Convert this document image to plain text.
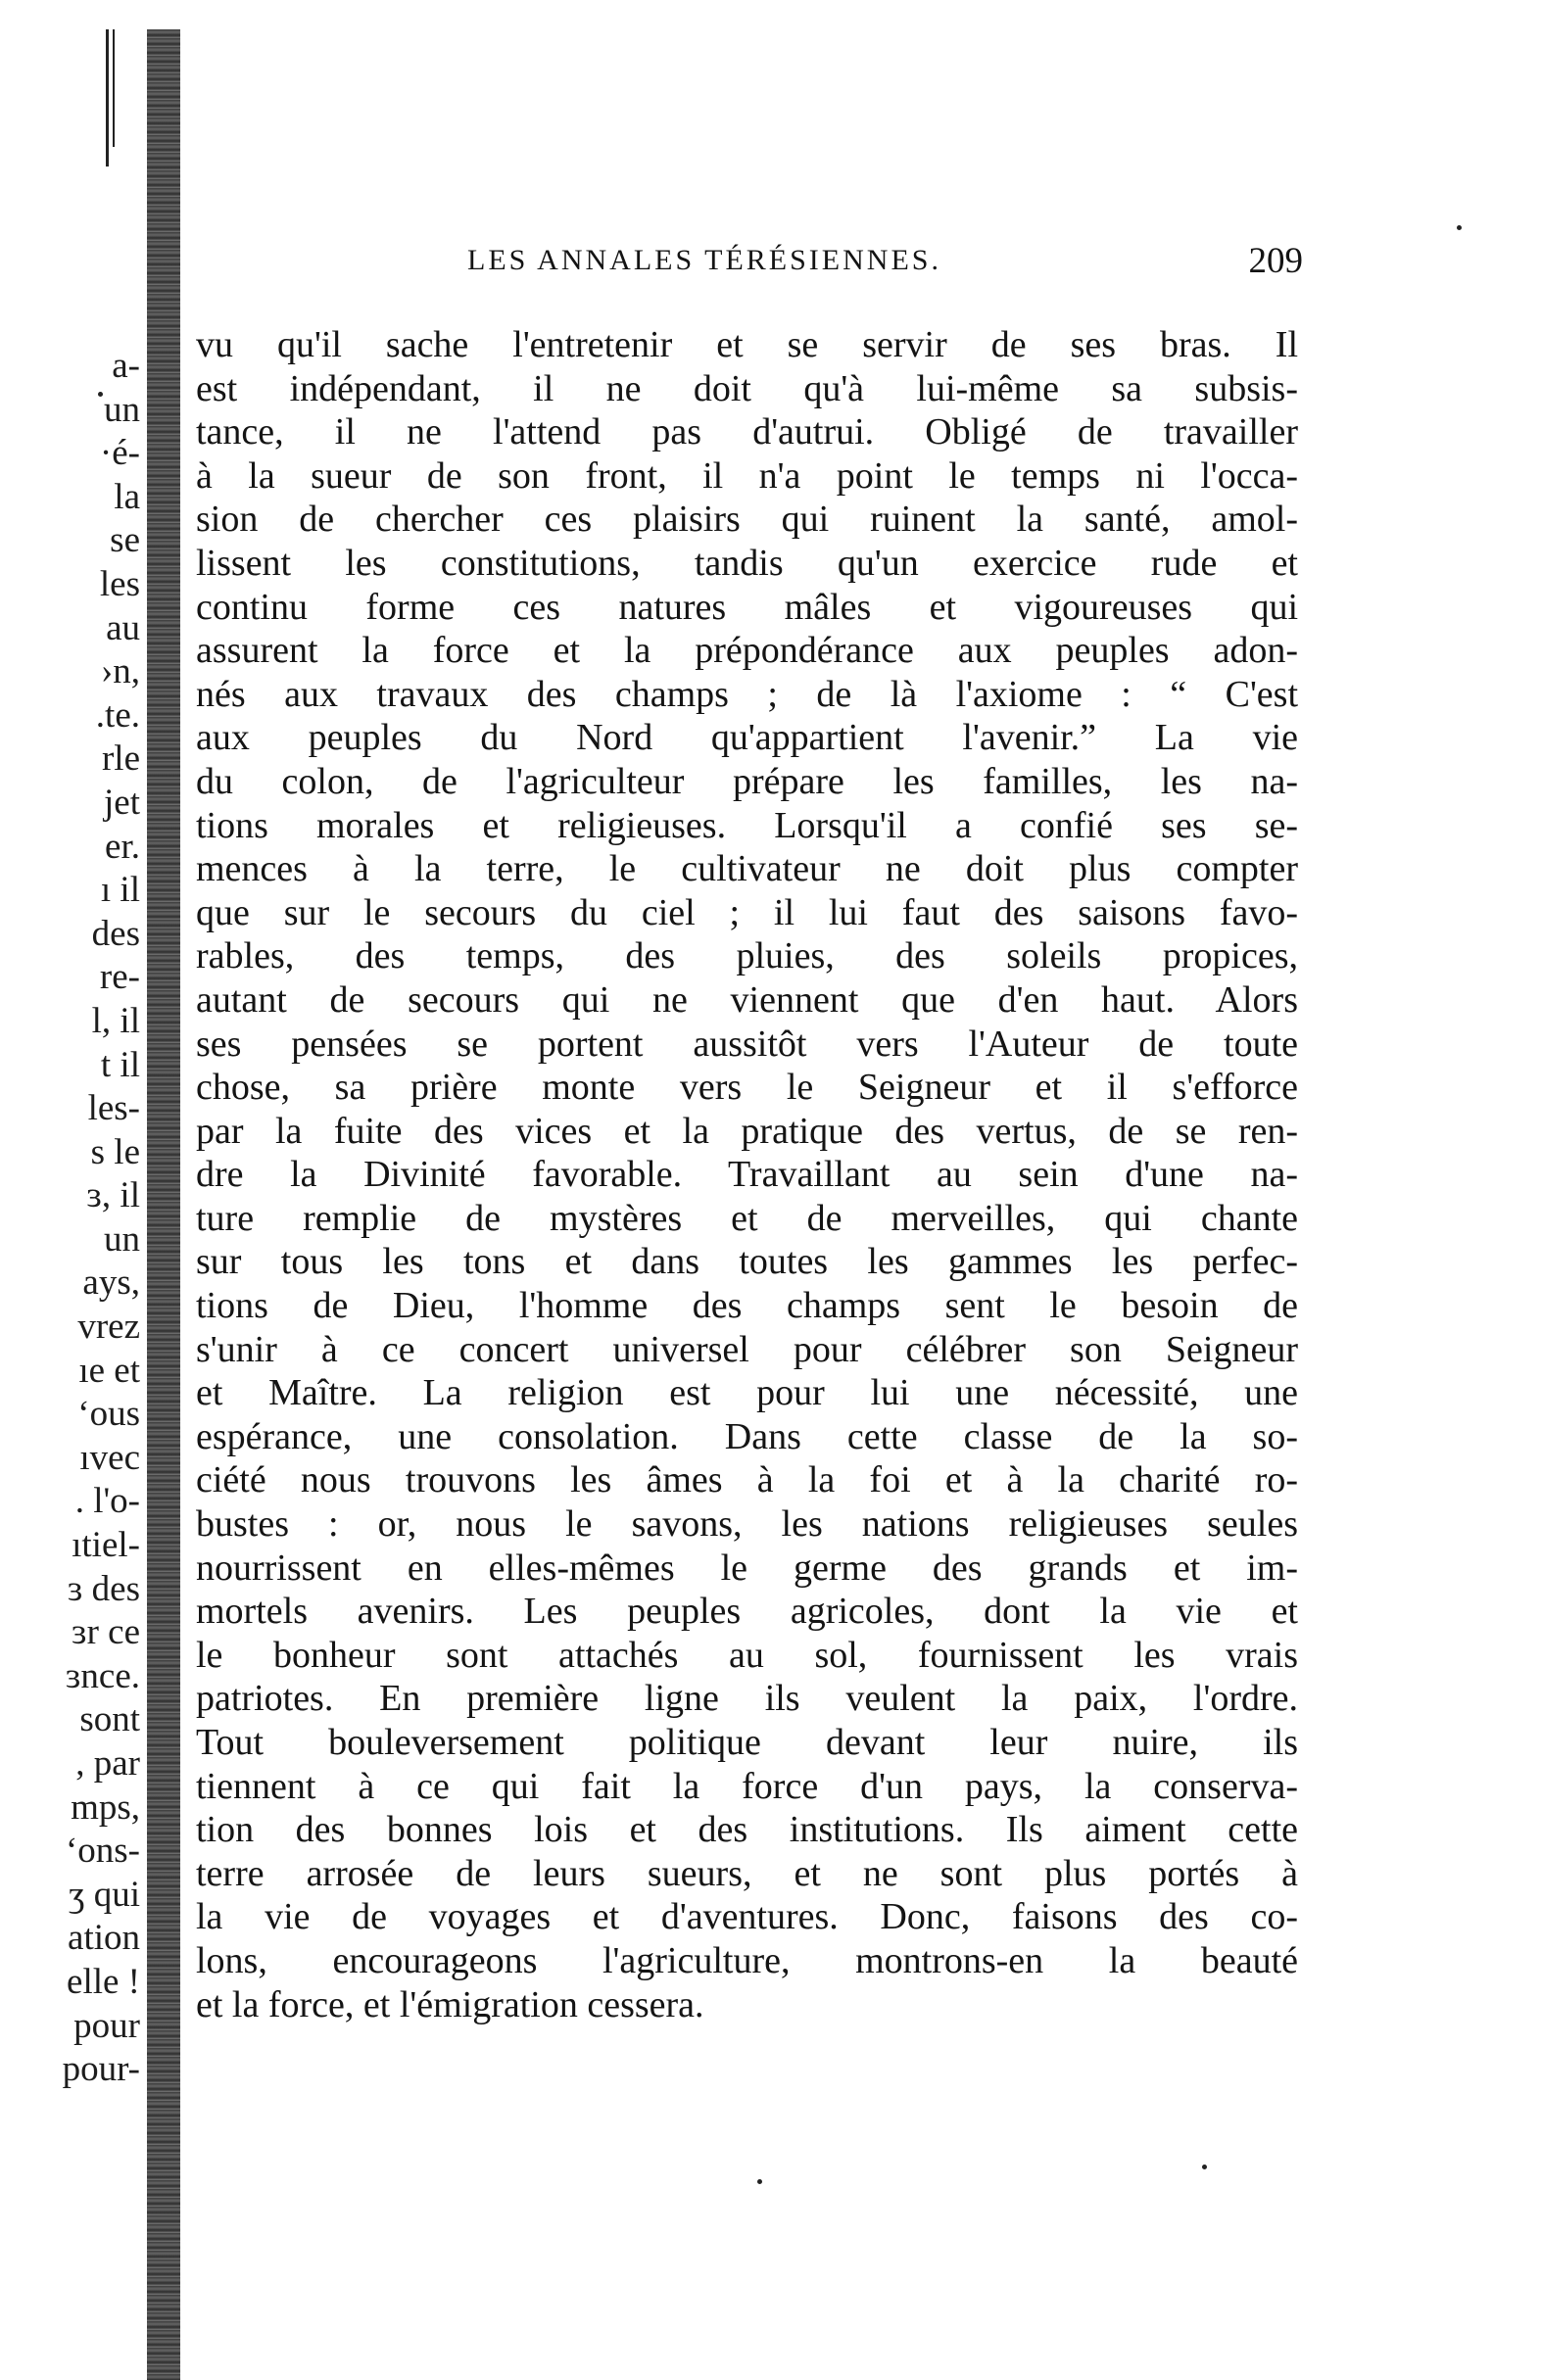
a-
un
·é-
la
se
les
au
›n,
.te.
rle
jet
er.
ı il
des
re-
l, il
t il
les-
s le
ɜ, il
un
ays,
vrez
ıe et
ʻous
ıvec
. l'o-
ıtiel-
ɜ des
ɜr ce
ɜnce.
sont
, par
mps,
ʻons-
ʒ qui
ation
elle !
pour
pour-
LES ANNALES TÉRÉSIENNES.	209
vu qu'il sache l'entretenir et se servir de ses bras. Il
est indépendant, il ne doit qu'à lui-même sa subsis-
tance, il ne l'attend pas d'autrui. Obligé de travailler
à la sueur de son front, il n'a point le temps ni l'occa-
sion de chercher ces plaisirs qui ruinent la santé, amol-
lissent les constitutions, tandis qu'un exercice rude et
continu forme ces natures mâles et vigoureuses qui
assurent la force et la prépondérance aux peuples adon-
nés aux travaux des champs ; de là l'axiome : “ C'est
aux peuples du Nord qu'appartient l'avenir.” La vie
du colon, de l'agriculteur prépare les familles, les na-
tions morales et religieuses. Lorsqu'il a confié ses se-
mences à la terre, le cultivateur ne doit plus compter
que sur le secours du ciel ; il lui faut des saisons favo-
rables, des temps, des pluies, des soleils propices,
autant de secours qui ne viennent que d'en haut. Alors
ses pensées se portent aussitôt vers l'Auteur de toute
chose, sa prière monte vers le Seigneur et il s'efforce
par la fuite des vices et la pratique des vertus, de se ren-
dre la Divinité favorable. Travaillant au sein d'une na-
ture remplie de mystères et de merveilles, qui chante
sur tous les tons et dans toutes les gammes les perfec-
tions de Dieu, l'homme des champs sent le besoin de
s'unir à ce concert universel pour célébrer son Seigneur
et Maître. La religion est pour lui une nécessité, une
espérance, une consolation. Dans cette classe de la so-
ciété nous trouvons les âmes à la foi et à la charité ro-
bustes : or, nous le savons, les nations religieuses seules
nourrissent en elles-mêmes le germe des grands et im-
mortels avenirs. Les peuples agricoles, dont la vie et
le bonheur sont attachés au sol, fournissent les vrais
patriotes. En première ligne ils veulent la paix, l'ordre.
Tout bouleversement politique devant leur nuire, ils
tiennent à ce qui fait la force d'un pays, la conserva-
tion des bonnes lois et des institutions. Ils aiment cette
terre arrosée de leurs sueurs, et ne sont plus portés à
la vie de voyages et d'aventures. Donc, faisons des co-
lons, encourageons l'agriculture, montrons-en la beauté
et la force, et l'émigration cessera.
